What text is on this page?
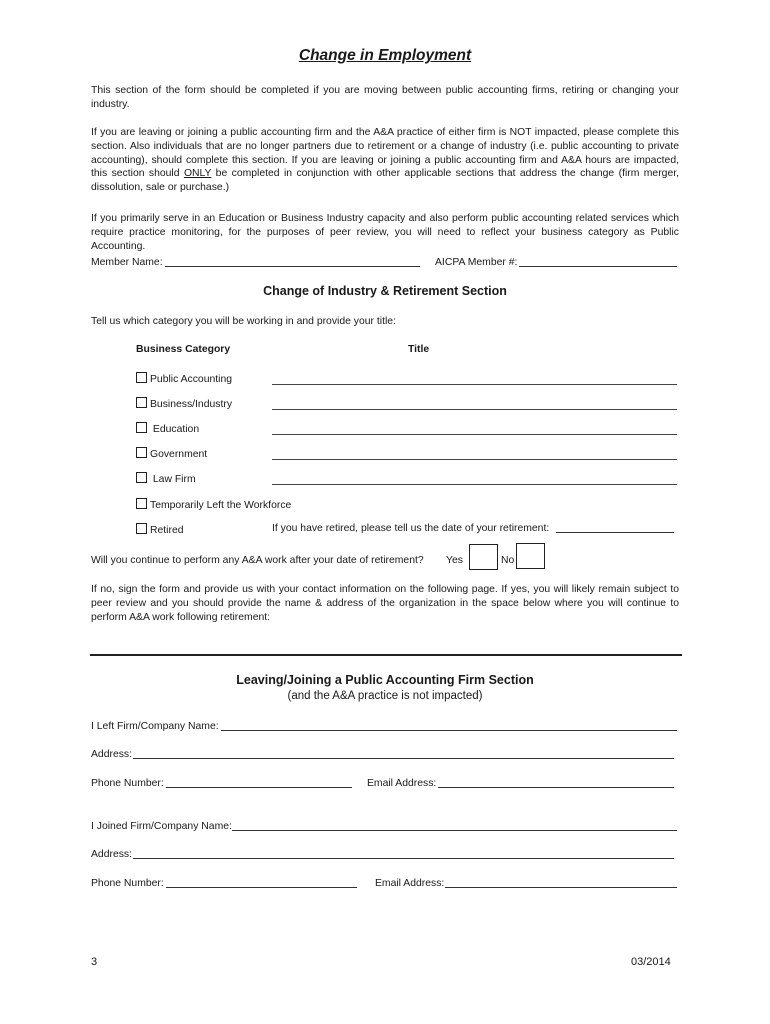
Change in Employment
This section of the form should be completed if you are moving between public accounting firms, retiring or changing your industry.
If you are leaving or joining a public accounting firm and the A&A practice of either firm is NOT impacted, please complete this section. Also individuals that are no longer partners due to retirement or a change of industry (i.e. public accounting to private accounting), should complete this section. If you are leaving or joining a public accounting firm and A&A hours are impacted, this section should ONLY be completed in conjunction with other applicable sections that address the change (firm merger, dissolution, sale or purchase.)
If you primarily serve in an Education or Business Industry capacity and also perform public accounting related services which require practice monitoring, for the purposes of peer review, you will need to reflect your business category as Public Accounting.
Member Name:	AICPA Member #:
Change of Industry & Retirement Section
Tell us which category you will be working in and provide your title:
Business Category	Title
Public Accounting
Business/Industry
Education
Government
Law Firm
Temporarily Left the Workforce
Retired	If you have retired, please tell us the date of your retirement:
Will you continue to perform any A&A work after your date of retirement? Yes	No
If no, sign the form and provide us with your contact information on the following page. If yes, you will likely remain subject to peer review and you should provide the name & address of the organization in the space below where you will continue to perform A&A work following retirement:
Leaving/Joining a Public Accounting Firm Section
(and the A&A practice is not impacted)
I Left Firm/Company Name:
Address:
Phone Number:	Email Address:
I Joined Firm/Company Name:
Address:
Phone Number:	Email Address:
3	03/2014
